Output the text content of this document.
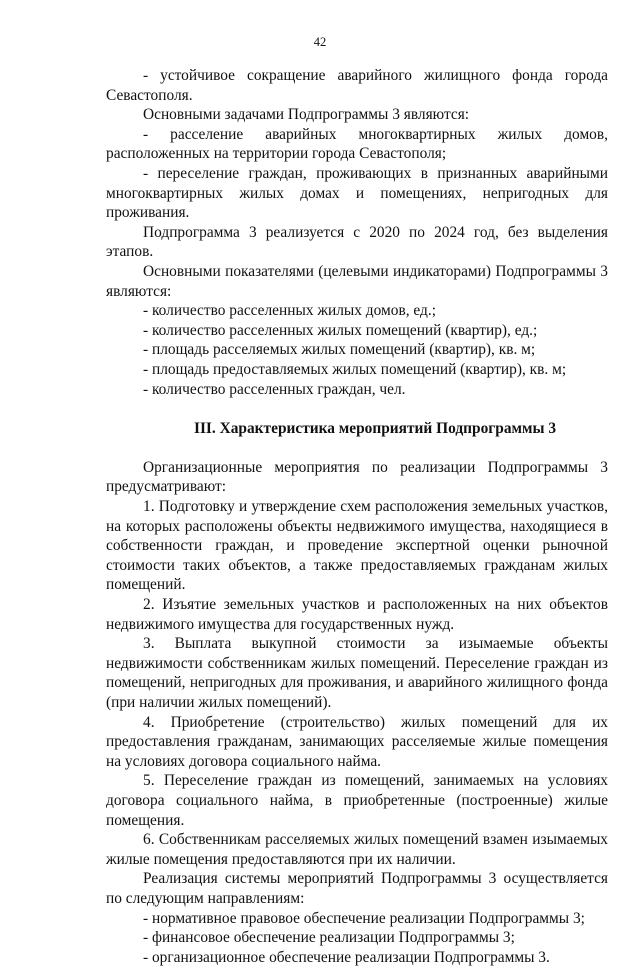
42

- устойчивое сокращение аварийного жилищного фонда города Севастополя.

Основными задачами Подпрограммы 3 являются:

- расселение аварийных многоквартирных жилых домов, расположенных на территории города Севастополя;

- переселение граждан, проживающих в признанных аварийными многоквартирных жилых домах и помещениях, непригодных для проживания.

Подпрограмма 3 реализуется с 2020 по 2024 год, без выделения этапов.

Основными показателями (целевыми индикаторами) Подпрограммы 3 являются:

- количество расселенных жилых домов, ед.;

- количество расселенных жилых помещений (квартир), ед.;

- площадь расселяемых жилых помещений (квартир), кв. м;

- площадь предоставляемых жилых помещений (квартир), кв. м;

- количество расселенных граждан, чел.

III. Характеристика мероприятий Подпрограммы 3

Организационные мероприятия по реализации Подпрограммы 3 предусматривают:

1. Подготовку и утверждение схем расположения земельных участков, на которых расположены объекты недвижимого имущества, находящиеся в собственности граждан, и проведение экспертной оценки рыночной стоимости таких объектов, а также предоставляемых гражданам жилых помещений.

2. Изъятие земельных участков и расположенных на них объектов недвижимого имущества для государственных нужд.

3. Выплата выкупной стоимости за изымаемые объекты недвижимости собственникам жилых помещений. Переселение граждан из помещений, непригодных для проживания, и аварийного жилищного фонда (при наличии жилых помещений).

4. Приобретение (строительство) жилых помещений для их предоставления гражданам, занимающих расселяемые жилые помещения на условиях договора социального найма.

5. Переселение граждан из помещений, занимаемых на условиях договора социального найма, в приобретенные (построенные) жилые помещения.

6. Собственникам расселяемых жилых помещений взамен изымаемых жилые помещения предоставляются при их наличии.

Реализация системы мероприятий Подпрограммы 3 осуществляется по следующим направлениям:

- нормативное правовое обеспечение реализации Подпрограммы 3;

- финансовое обеспечение реализации Подпрограммы 3;

- организационное обеспечение реализации Подпрограммы 3.
